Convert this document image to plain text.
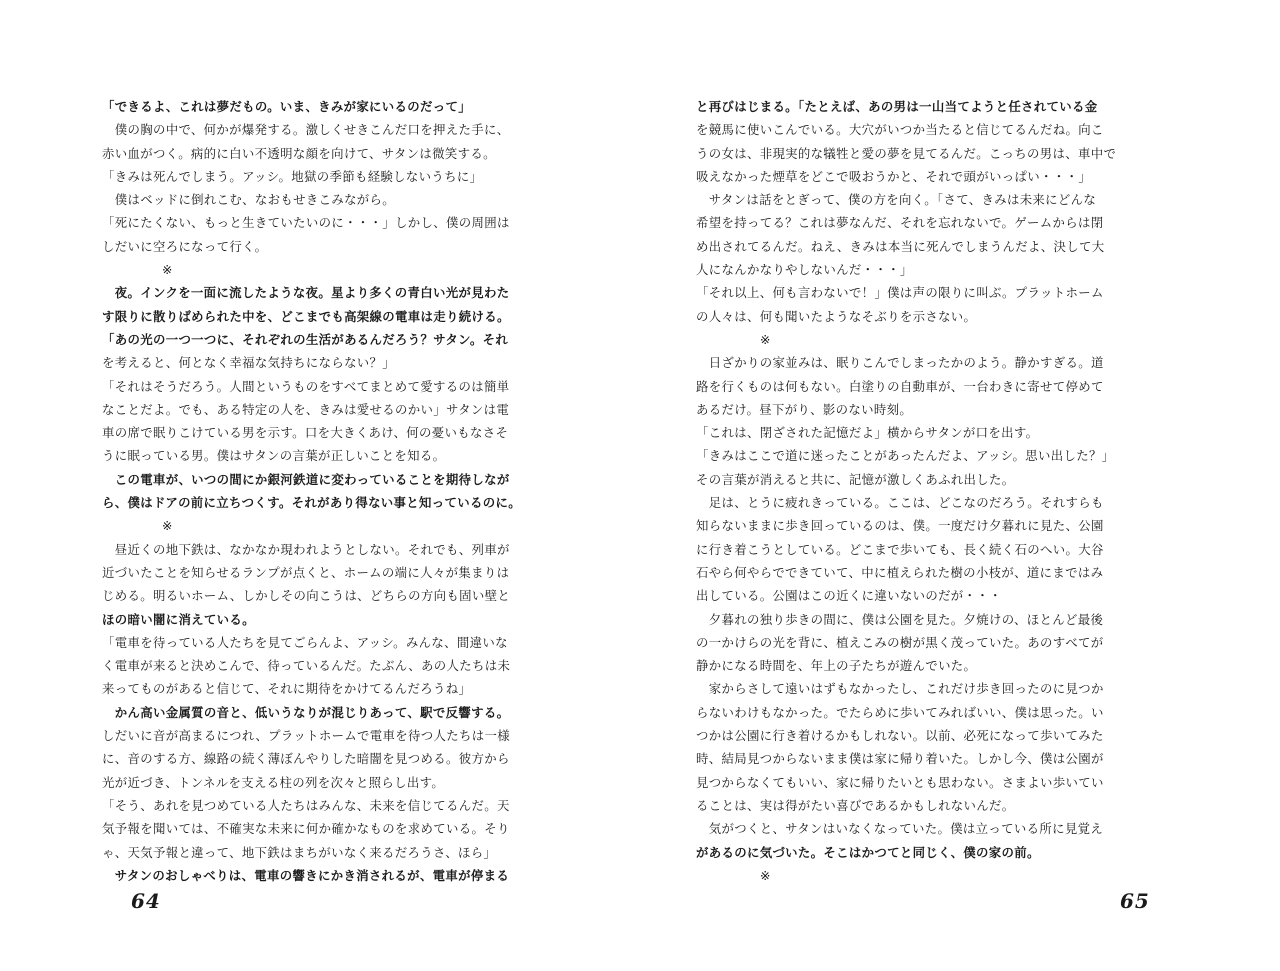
「できるよ、これは夢だもの。いま、きみが家にいるのだって」
　僕の胸の中で、何かが爆発する。激しくせきこんだ口を押えた手に、
赤い血がつく。病的に白い不透明な顔を向けて、サタンは微笑する。
「きみは死んでしまう。アッシ。地獄の季節も経験しないうちに」
　僕はベッドに倒れこむ、なおもせきこみながら。
「死にたくない、もっと生きていたいのに・・・」しかし、僕の周囲は
しだいに空ろになって行く。
※
　夜。インクを一面に流したような夜。星より多くの青白い光が見わた
す限りに散りばめられた中を、どこまでも高架線の電車は走り続ける。
「あの光の一つ一つに、それぞれの生活があるんだろう？サタン。それ
を考えると、何となく幸福な気持ちにならない？」
「それはそうだろう。人間というものをすべてまとめて愛するのは簡単
なことだよ。でも、ある特定の人を、きみは愛せるのかい」サタンは電
車の席で眠りこけている男を示す。口を大きくあけ、何の憂いもなさそ
うに眠っている男。僕はサタンの言葉が正しいことを知る。
　この電車が、いつの間にか銀河鉄道に変わっていることを期待しなが
ら、僕はドアの前に立ちつくす。それがあり得ない事と知っているのに。
※
　昼近くの地下鉄は、なかなか現われようとしない。それでも、列車が
近づいたことを知らせるランプが点くと、ホームの端に人々が集まりは
じめる。明るいホーム、しかしその向こうは、どちらの方向も固い壁と
ほの暗い闇に消えている。
「電車を待っている人たちを見てごらんよ、アッシ。みんな、間違いな
く電車が来ると決めこんで、待っているんだ。たぶん、あの人たちは未
来ってものがあると信じて、それに期待をかけてるんだろうね」
　かん高い金属質の音と、低いうなりが混じりあって、駅で反響する。
しだいに音が高まるにつれ、プラットホームで電車を待つ人たちは一様
に、音のする方、線路の続く薄ぼんやりした暗闇を見つめる。彼方から
光が近づき、トンネルを支える柱の列を次々と照らし出す。
「そう、あれを見つめている人たちはみんな、未来を信じてるんだ。天
気予報を聞いては、不確実な未来に何か確かなものを求めている。そり
ゃ、天気予報と違って、地下鉄はまちがいなく来るだろうさ、ほら」
　サタンのおしゃべりは、電車の響きにかき消されるが、電車が停まる
64
と再びはじまる。「たとえば、あの男は一山当てようと任されている金
を競馬に使いこんでいる。大穴がいつか当たると信じてるんだね。向こ
うの女は、非現実的な犠牲と愛の夢を見てるんだ。こっちの男は、車中で
吸えなかった煙草をどこで吸おうかと、それで頭がいっぱい・・・」
　サタンは話をとぎって、僕の方を向く。「さて、きみは未来にどんな
希望を持ってる？これは夢なんだ、それを忘れないで。ゲームからは閉
め出されてるんだ。ねえ、きみは本当に死んでしまうんだよ、決して大
人になんかなりやしないんだ・・・」
「それ以上、何も言わないで！」僕は声の限りに叫ぶ。プラットホーム
の人々は、何も聞いたようなそぶりを示さない。
※
　日ざかりの家並みは、眠りこんでしまったかのよう。静かすぎる。道
路を行くものは何もない。白塗りの自動車が、一台わきに寄せて停めて
あるだけ。昼下がり、影のない時刻。
「これは、閉ざされた記憶だよ」横からサタンが口を出す。
「きみはここで道に迷ったことがあったんだよ、アッシ。思い出した？」
その言葉が消えると共に、記憶が激しくあふれ出した。
　足は、とうに疲れきっている。ここは、どこなのだろう。それすらも
知らないままに歩き回っているのは、僕。一度だけ夕暮れに見た、公園
に行き着こうとしている。どこまで歩いても、長く続く石のへい。大谷
石やら何やらでできていて、中に植えられた樹の小枝が、道にまではみ
出している。公園はこの近くに違いないのだが・・・
　夕暮れの独り歩きの間に、僕は公園を見た。夕焼けの、ほとんど最後
の一かけらの光を背に、植えこみの樹が黒く茂っていた。あのすべてが
静かになる時間を、年上の子たちが遊んでいた。
　家からさして遠いはずもなかったし、これだけ歩き回ったのに見つか
らないわけもなかった。でたらめに歩いてみればいい、僕は思った。い
つかは公園に行き着けるかもしれない。以前、必死になって歩いてみた
時、結局見つからないまま僕は家に帰り着いた。しかし今、僕は公園が
見つからなくてもいい、家に帰りたいとも思わない。さまよい歩いてい
ることは、実は得がたい喜びであるかもしれないんだ。
　気がつくと、サタンはいなくなっていた。僕は立っている所に見覚え
があるのに気づいた。そこはかつてと同じく、僕の家の前。
※
65
